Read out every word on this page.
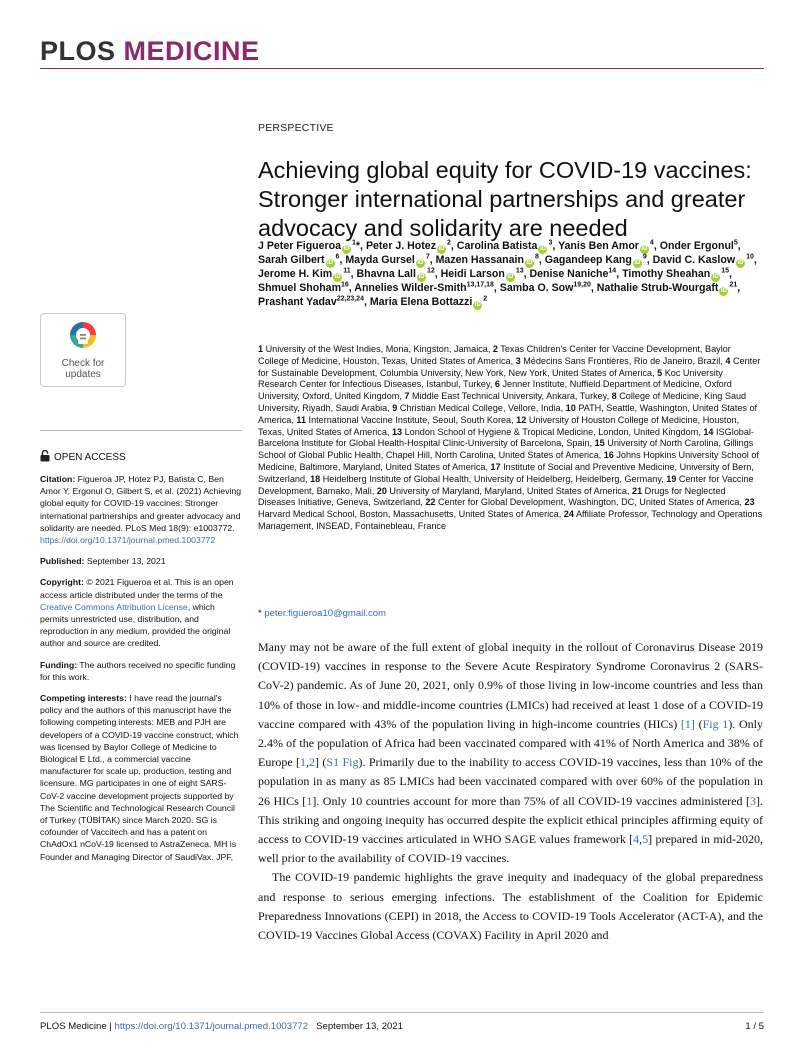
PLOS MEDICINE
Check for
updates
OPEN ACCESS

Citation: Figueroa JP, Hotez PJ, Batista C, Ben Amor Y, Ergonul O, Gilbert S, et al. (2021) Achieving global equity for COVID-19 vaccines: Stronger international partnerships and greater advocacy and solidarity are needed. PLoS Med 18(9): e1003772. https://doi.org/10.1371/journal.pmed.1003772

Published: September 13, 2021

Copyright: © 2021 Figueroa et al. This is an open access article distributed under the terms of the Creative Commons Attribution License, which permits unrestricted use, distribution, and reproduction in any medium, provided the original author and source are credited.

Funding: The authors received no specific funding for this work.

Competing interests: I have read the journal's policy and the authors of this manuscript have the following competing interests: MEB and PJH are developers of a COVID-19 vaccine construct, which was licensed by Baylor College of Medicine to Biological E Ltd., a commercial vaccine manufacturer for scale up, production, testing and licensure. MG participates in one of eight SARS-CoV-2 vaccine development projects supported by The Scientific and Technological Research Council of Turkey (TÜBİTAK) since March 2020. SG is cofounder of Vaccitech and has a patent on ChAdOx1 nCoV-19 licensed to AstraZeneca. MH is Founder and Managing Director of SaudiVax. JPF,

PERSPECTIVE
Achieving global equity for COVID-19 vaccines: Stronger international partnerships and greater advocacy and solidarity are needed
J Peter Figueroa $iD^1*$, Peter J. Hotez $iD^2$, Carolina Batista $iD^3$, Yanis Ben Amor $iD^4$, Onder Ergonul$^5$, Sarah Gilbert $iD^6$, Mayda Gursel $iD^7$, Mazen Hassanain $iD^8$, Gagandeep Kang $iD^9$, David C. Kaslow $iD^{10}$, Jerome H. Kim $iD^{11}$, Bhavna Lall $iD^{12}$, Heidi Larson $iD^{13}$, Denise Naniche$^{14}$, Timothy Sheahan $iD^{15}$, Shmuel Shoham$^{16}$, Annelies Wilder-Smith$^{13,17,18}$, Samba O. Sow$^{19,20}$, Nathalie Strub-Wourgaft $iD^{21}$, Prashant Yadav$^{22,23,24}$, Maria Elena Bottazzi $iD^2$
1 University of the West Indies, Mona, Kingston, Jamaica, 2 Texas Children's Center for Vaccine Development, Baylor College of Medicine, Houston, Texas, United States of America, 3 Médecins Sans Frontières, Rio de Janeiro, Brazil, 4 Center for Sustainable Development, Columbia University, New York, New York, United States of America, 5 Koc University Research Center for Infectious Diseases, Istanbul, Turkey, 6 Jenner Institute, Nuffield Department of Medicine, Oxford University, Oxford, United Kingdom, 7 Middle East Technical University, Ankara, Turkey, 8 College of Medicine, King Saud University, Riyadh, Saudi Arabia, 9 Christian Medical College, Vellore, India, 10 PATH, Seattle, Washington, United States of America, 11 International Vaccine Institute, Seoul, South Korea, 12 University of Houston College of Medicine, Houston, Texas, United States of America, 13 London School of Hygiene & Tropical Medicine, London, United Kingdom, 14 ISGlobal-Barcelona Institute for Global Health-Hospital Clinic-University of Barcelona, Spain, 15 University of North Carolina, Gillings School of Global Public Health, Chapel Hill, North Carolina, United States of America, 16 Johns Hopkins University School of Medicine, Baltimore, Maryland, United States of America, 17 Institute of Social and Preventive Medicine, University of Bern, Switzerland, 18 Heidelberg Institute of Global Health, University of Heidelberg, Heidelberg, Germany, 19 Center for Vaccine Development, Bamako, Mali, 20 University of Maryland, Maryland, United States of America, 21 Drugs for Neglected Diseases Initiative, Geneva, Switzerland, 22 Center for Global Development, Washington, DC, United States of America, 23 Harvard Medical School, Boston, Massachusetts, United States of America, 24 Affiliate Professor, Technology and Operations Management, INSEAD, Fontainebleau, France
* peter.figueroa10@gmail.com

Many may not be aware of the full extent of global inequity in the rollout of Coronavirus Disease 2019 (COVID-19) vaccines in response to the Severe Acute Respiratory Syndrome Coronavirus 2 (SARS-CoV-2) pandemic. As of June 20, 2021, only 0.9% of those living in low-income countries and less than 10% of those in low- and middle-income countries (LMICs) had received at least 1 dose of a COVID-19 vaccine compared with 43% of the population living in high-income countries (HICs) [1] (Fig 1). Only 2.4% of the population of Africa had been vaccinated compared with 41% of North America and 38% of Europe [1,2] (S1 Fig). Primarily due to the inability to access COVID-19 vaccines, less than 10% of the population in as many as 85 LMICs had been vaccinated compared with over 60% of the population in 26 HICs [1]. Only 10 countries account for more than 75% of all COVID-19 vaccines administered [3]. This striking and ongoing inequity has occurred despite the explicit ethical principles affirming equity of access to COVID-19 vaccines articulated in WHO SAGE values framework [4,5] prepared in mid-2020, well prior to the availability of COVID-19 vaccines.

The COVID-19 pandemic highlights the grave inequity and inadequacy of the global preparedness and response to serious emerging infections. The establishment of the Coalition for Epidemic Preparedness Innovations (CEPI) in 2018, the Access to COVID-19 Tools Accelerator (ACT-A), and the COVID-19 Vaccines Global Access (COVAX) Facility in April 2020 and

PLOS Medicine | https://doi.org/10.1371/journal.pmed.1003772 September 13, 2021	1 / 5
